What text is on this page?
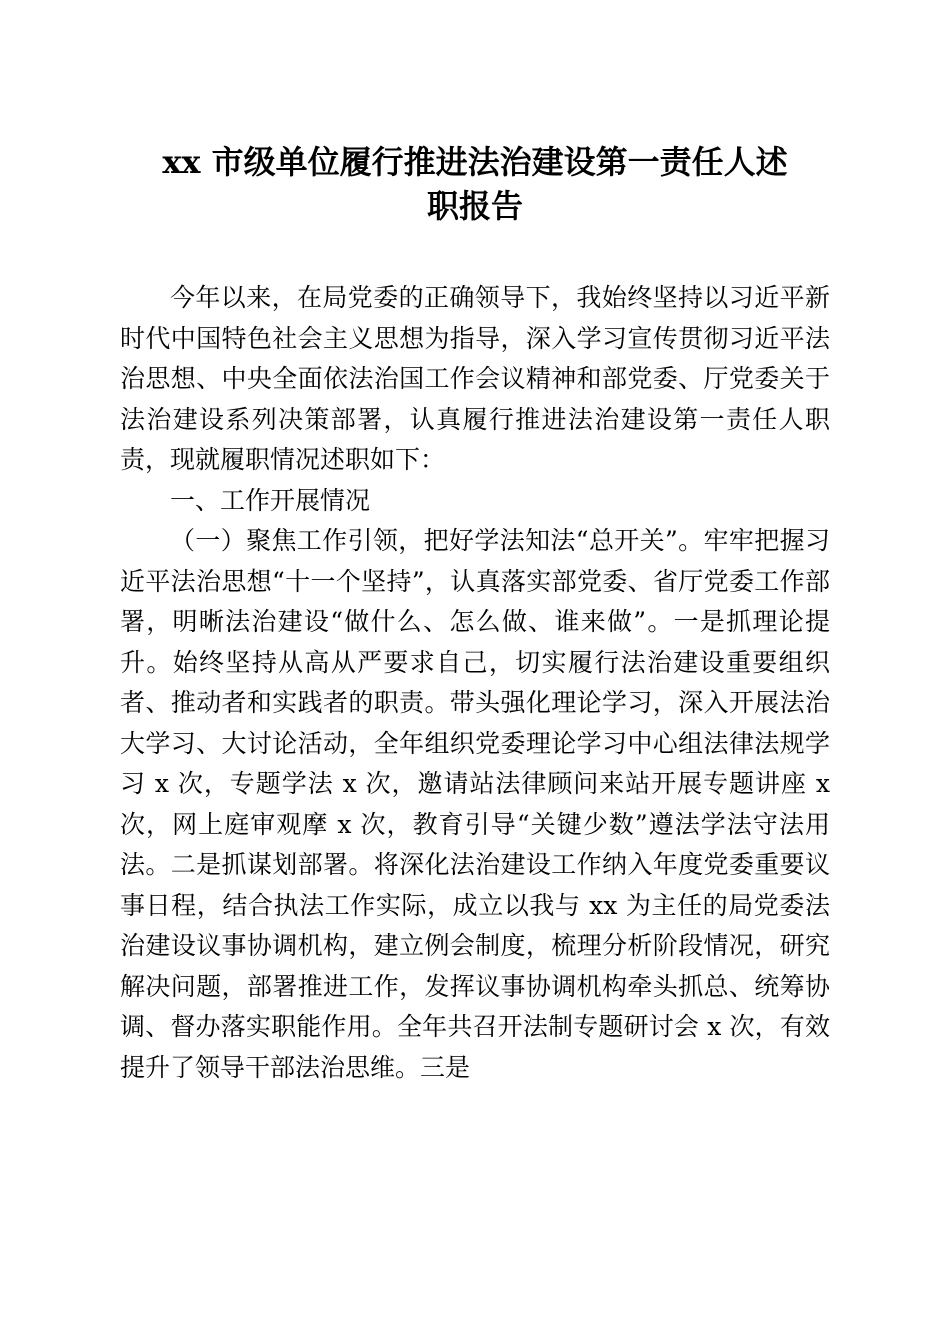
xx 市级单位履行推进法治建设第一责任人述
职报告

今年以来，在局党委的正确领导下，我始终坚持以习近平新时代中国特色社会主义思想为指导，深入学习宣传贯彻习近平法治思想、中央全面依法治国工作会议精神和部党委、厅党委关于法治建设系列决策部署，认真履行推进法治建设第一责任人职责，现就履职情况述职如下：

一、工作开展情况

（一）聚焦工作引领，把好学法知法“总开关”。牢牢把握习近平法治思想“十一个坚持”，认真落实部党委、省厅党委工作部署，明晰法治建设“做什么、怎么做、谁来做”。一是抓理论提升。始终坚持从高从严要求自己，切实履行法治建设重要组织者、推动者和实践者的职责。带头强化理论学习，深入开展法治大学习、大讨论活动，全年组织党委理论学习中心组法律法规学习 x 次，专题学法 x 次，邀请站法律顾问来站开展专题讲座 x 次，网上庭审观摩 x 次，教育引导“关键少数”遵法学法守法用法。二是抓谋划部署。将深化法治建设工作纳入年度党委重要议事日程，结合执法工作实际，成立以我与 xx 为主任的局党委法治建设议事协调机构，建立例会制度，梳理分析阶段情况，研究解决问题，部署推进工作，发挥议事协调机构牵头抓总、统筹协调、督办落实职能作用。全年共召开法制专题研讨会 x 次，有效提升了领导干部法治思维。三是
